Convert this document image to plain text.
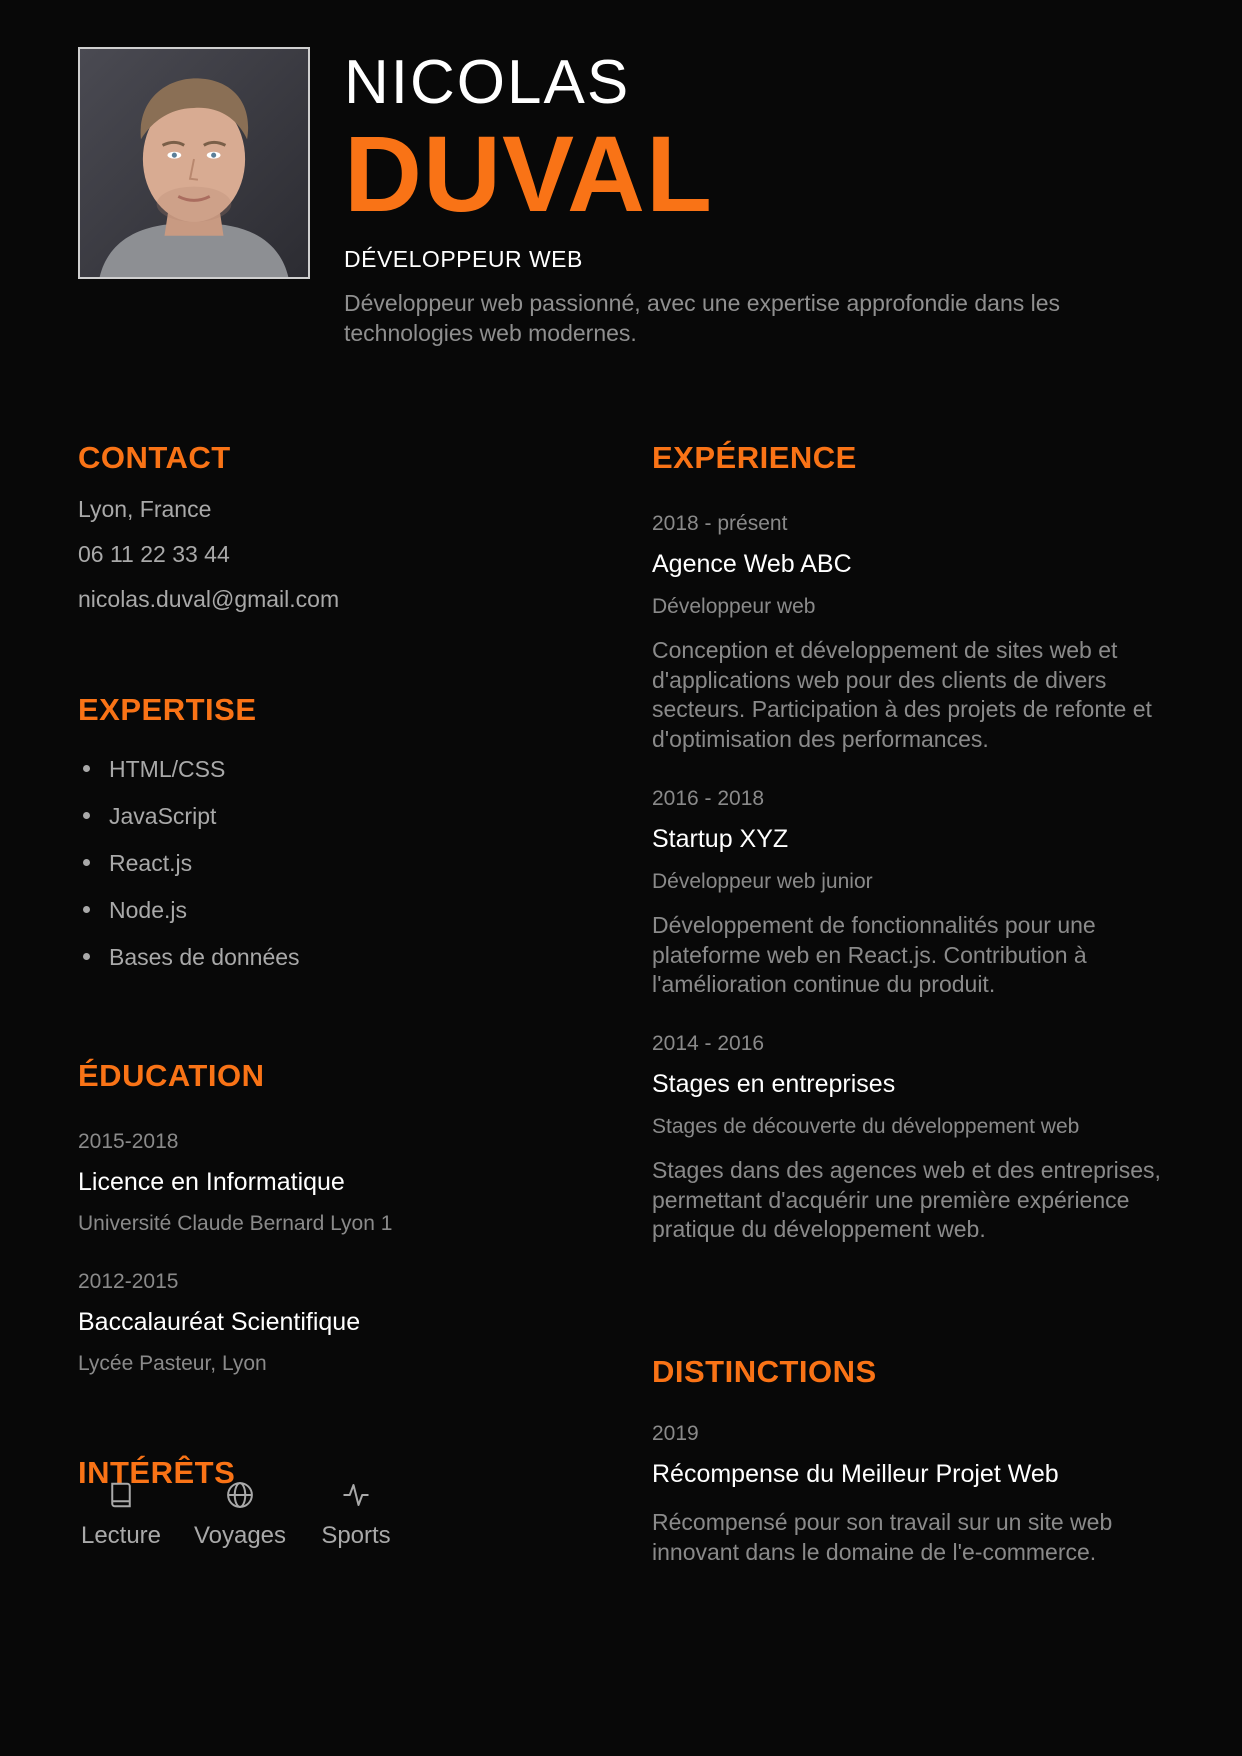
NICOLAS
DUVAL
DÉVELOPPEUR WEB
Développeur web passionné, avec une expertise approfondie dans les technologies web modernes.
CONTACT
Lyon, France
06 11 22 33 44
nicolas.duval@gmail.com
EXPERTISE
HTML/CSS
JavaScript
React.js
Node.js
Bases de données
ÉDUCATION
2015-2018
Licence en Informatique
Université Claude Bernard Lyon 1
2012-2015
Baccalauréat Scientifique
Lycée Pasteur, Lyon
INTÉRÊTS
Lecture Voyages Sports
EXPÉRIENCE
2018 - présent
Agence Web ABC
Développeur web
Conception et développement de sites web et d'applications web pour des clients de divers secteurs. Participation à des projets de refonte et d'optimisation des performances.
2016 - 2018
Startup XYZ
Développeur web junior
Développement de fonctionnalités pour une plateforme web en React.js. Contribution à l'amélioration continue du produit.
2014 - 2016
Stages en entreprises
Stages de découverte du développement web
Stages dans des agences web et des entreprises, permettant d'acquérir une première expérience pratique du développement web.
DISTINCTIONS
2019
Récompense du Meilleur Projet Web
Récompensé pour son travail sur un site web innovant dans le domaine de l'e-commerce.
